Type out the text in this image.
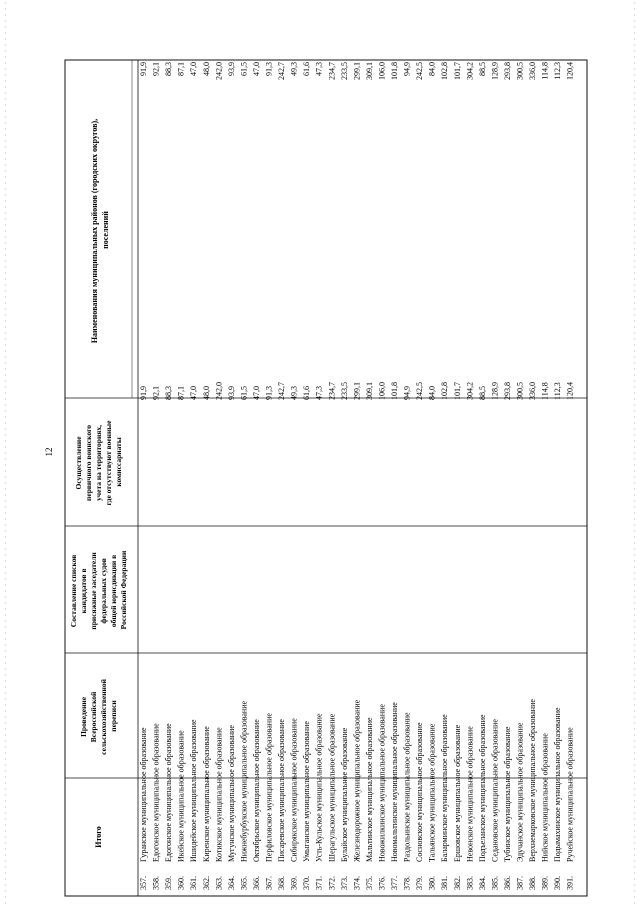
12
Наименования муниципальных районов (городских округов), поселений
Осуществление первичного воинского учета на территориях, где отсутствуют военные комиссариаты
Составление списков кандидатов в присяжные заседатели федеральных судов общей юрисдикции в Российской Федерации
Проведение Всероссийской сельскохозяйственной переписи
Итого
357.
Гуранское муниципальное образование
91,9
91,9
358.
Едогонское муниципальное образование
92,1
92,1
359.
Едогонское муниципальное образование
88,3
88,3
360.
Икейское муниципальное образование
87,1
87,1
361.
Ишидейское муниципальное образование
47,0
47,0
362.
Киренское муниципальное образование
48,0
48,0
363.
Котикское муниципальное образование
242,0
242,0
364.
Мугунское муниципальное образование
93,9
93,9
365.
Нижнебурбукское муниципальное образование
61,5
61,5
366.
Октябрьское муниципальное образование
47,0
47,0
367.
Перфиловское муниципальное образование
91,3
91,3
368.
Писаревское муниципальное образование
242,7
242,7
369.
Сибирякское муниципальное образование
49,3
49,3
370.
Умыганское муниципальное образование
61,6
61,6
371.
Усть-Кульское муниципальное образование
47,3
47,3
372.
Шерагульское муниципальное образование
234,7
234,7
373.
Булайское муниципальное образование
233,5
233,5
374.
Железнодорожное муниципальное образование
299,1
299,1
375.
Мальтинское муниципальное образование
309,1
309,1
376.
Новожилкинское муниципальное образование
106,0
106,0
377.
Новомальтинское муниципальное образование
101,8
101,8
378.
Раздольинское муниципальное образование
94,9
94,9
379.
Сосновское муниципальное образование
242,5
242,5
380.
Тальянское муниципальное образование
84,0
84,0
381.
Баларминское муниципальное образование
102,8
102,8
382.
Ершовское муниципальное образование
101,7
101,7
383.
Невонское муниципальное образование
304,2
304,2
384.
Подъеланское муниципальное образование
88,5
88,5
385.
Седановское муниципальное образование
128,9
128,9
386.
Тубинское муниципальное образование
293,8
293,8
387.
Эдучанское муниципальное образование
300,5
300,5
388.
Верхнемарковское муниципальное образование
336,0
336,0
389.
Нийское муниципальное образование
114,8
114,8
390.
Подымахинское муниципальное образование
112,3
112,3
391.
Ручейское муниципальное образование
120,4
120,4
